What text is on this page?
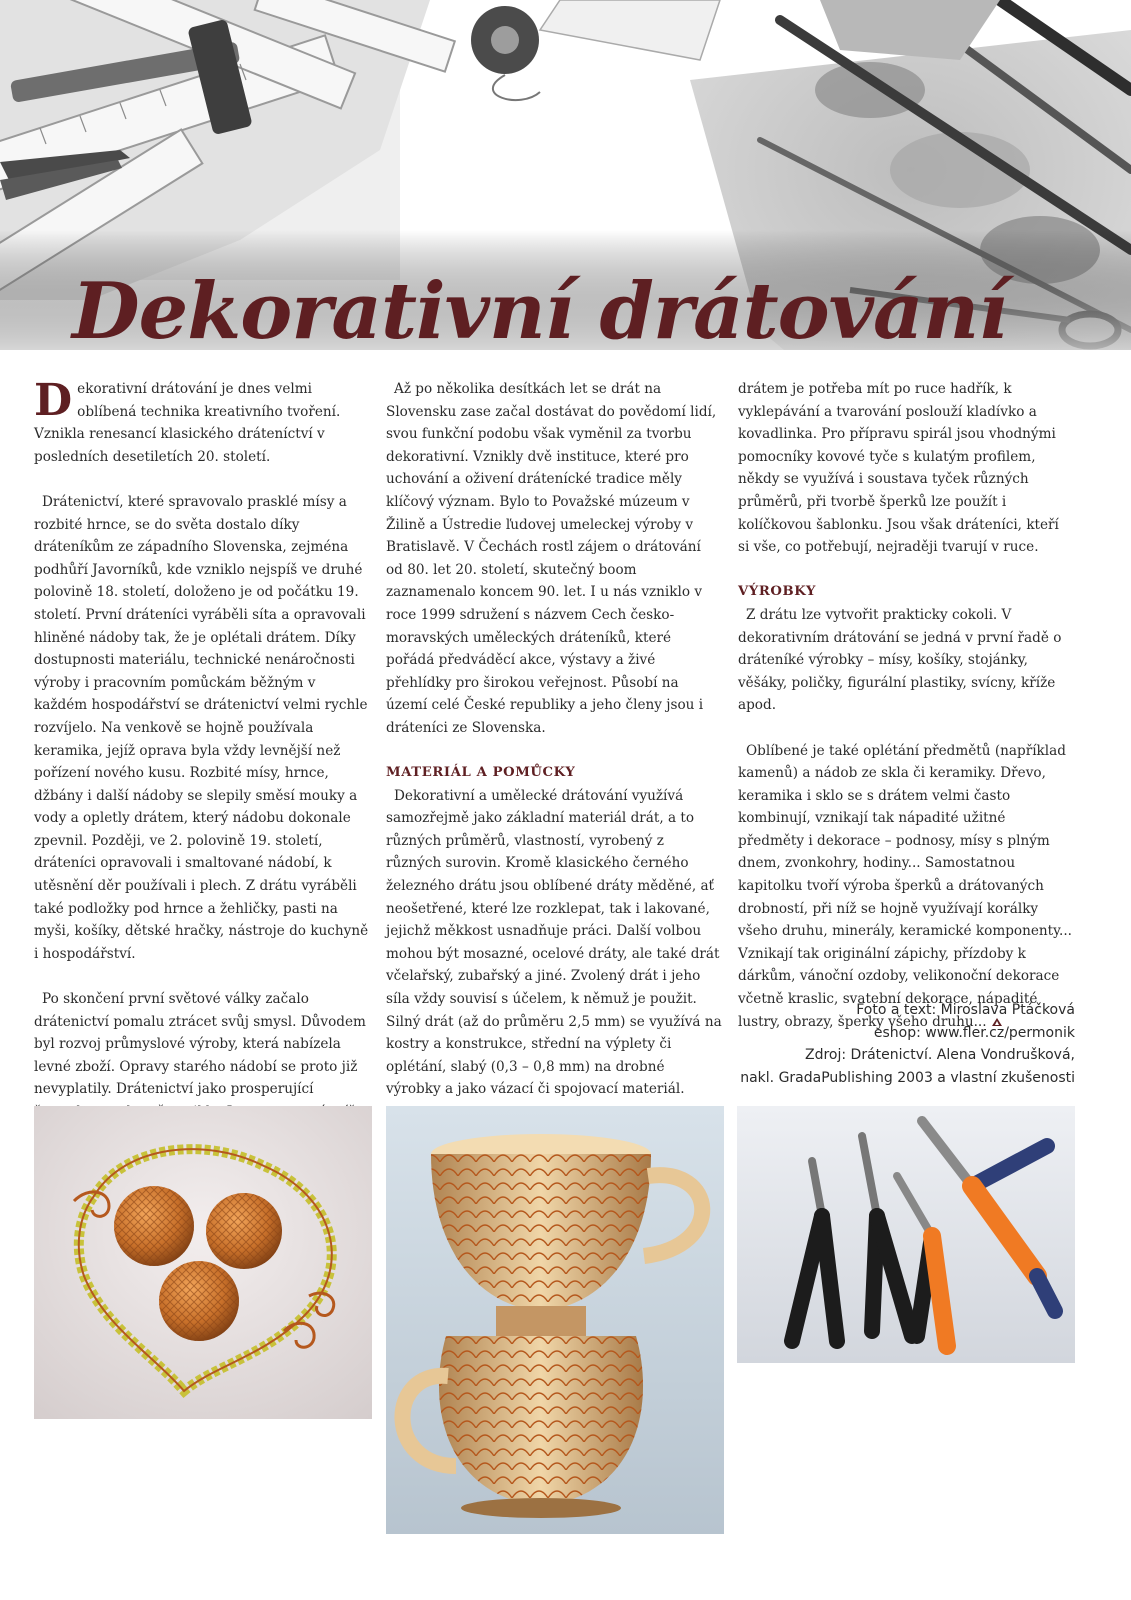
Dekorativní drátování

Dekorativní drátování je dnes velmi oblíbená technika kreativního tvoření. Vznikla renesancí klasického dráteníctví v posledních desetiletích 20. století.

Drátenictví, které spravovalo prasklé mísy a rozbité hrnce, se do světa dostalo díky dráteníkům ze západního Slovenska, zejména podhůří Javorníků, kde vzniklo nejspíš ve druhé polovině 18. století, doloženo je od počátku 19. století. První dráteníci vyráběli síta a opravovali hliněné nádoby tak, že je oplétali drátem. Díky dostupnosti materiálu, technické nenáročnosti výroby i pracovním pomůckám běžným v každém hospodářství se drátenictví velmi rychle rozvíjelo. Na venkově se hojně používala keramika, jejíž oprava byla vždy levnější než pořízení nového kusu. Rozbité mísy, hrnce, džbány i další nádoby se slepily směsí mouky a vody a opletly drátem, který nádobu dokonale zpevnil. Později, ve 2. polovině 19. století, dráteníci opravovali i smaltované nádobí, k utěsnění děr používali i plech. Z drátu vyráběli také podložky pod hrnce a žehličky, pasti na myši, košíky, dětské hračky, nástroje do kuchyně i hospodářství.

Po skončení první světové války začalo drátenictví pomalu ztrácet svůj smysl. Důvodem byl rozvoj průmyslové výroby, která nabízela levné zboží. Opravy starého nádobí se proto již nevyplatily. Drátenictví jako prosperující

Až po několika desítkách let se drát na Slovensku zase začal dostávat do povědomí lidí, svou funkční podobu však vyměnil za tvorbu dekorativní. Vznikly dvě instituce, které pro uchování a oživení drátenícké tradice měly klíčový význam. Bylo to Považské múzeum v Žilině a Ústredie ľudovej umeleckej výroby v Bratislavě. V Čechách rostl zájem o drátování od 80. let 20. století, skutečný boom zaznamenalo koncem 90. let. I u nás vzniklo v roce 1999 sdružení s názvem Cech česko-moravských uměleckých dráteníků, které pořádá předváděcí akce, výstavy a živé přehlídky pro širokou veřejnost. Působí na území celé České republiky a jeho členy jsou i dráteníci ze Slovenska.

MATERIÁL A POMŮCKY

Dekorativní a umělecké drátování využívá samozřejmě jako základní materiál drát, a to různých průměrů, vlastností, vyrobený z různých surovin. Kromě klasického černého železného drátu jsou oblíbené dráty měděné, ať neošetřené, které lze rozklepat, tak i lakované, jejichž měkkost usnadňuje práci. Další volbou mohou být mosazné, ocelové dráty, ale také drát včelařský, zubařský a jiné. Zvolený drát i jeho síla vždy souvisí s účelem, k němuž je použit. Silný drát (až do průměru 2,5 mm) se využívá na kostry a konstrukce, střední na výplety či oplétání, slabý (0,3 – 0,8 mm) na drobné výrobky a jako vázací či spojovací materiál.

drátem je potřeba mít po ruce hadřík, k vyklepávání a tvarování poslouží kladívko a kovadlinka. Pro přípravu spirál jsou vhodnými pomocníky kovové tyče s kulatým profilem, někdy se využívá i soustava tyček různých průměrů, při tvorbě šperků lze použít i kolíčkovou šablonku. Jsou však dráteníci, kteří si vše, co potřebují, nejraději tvarují v ruce.

VÝROBKY

Z drátu lze vytvořit prakticky cokoli. V dekorativním drátování se jedná v první řadě o dráteníké výrobky – mísy, košíky, stojánky, věšáky, poličky, figurální plastiky, svícny, kříže apod.

Oblíbené je také oplétání předmětů (například kamenů) a nádob ze skla či keramiky. Dřevo, keramika i sklo se s drátem velmi často kombinují, vznikají tak nápadité užitné předměty i dekorace – podnosy, mísy s plným dnem, zvonkohry, hodiny... Samostatnou kapitolku tvoří výroba šperků a drátovaných drobností, při níž se hojně využívají korálky všeho druhu, minerály, keramické komponenty... Vznikají tak originální zápichy, přízdoby k dárkům, vánoční ozdoby, velikonoční dekorace včetně kraslic, svatební dekorace, nápadité lustry, obrazy, šperky všeho druhu...

Foto a text: Miroslava Ptáčková
eshop: www.fler.cz/permonik
Zdroj: Drátenictví. Alena Vondrušková,
nakl. GradaPublishing 2003 a vlastní zkušenosti
